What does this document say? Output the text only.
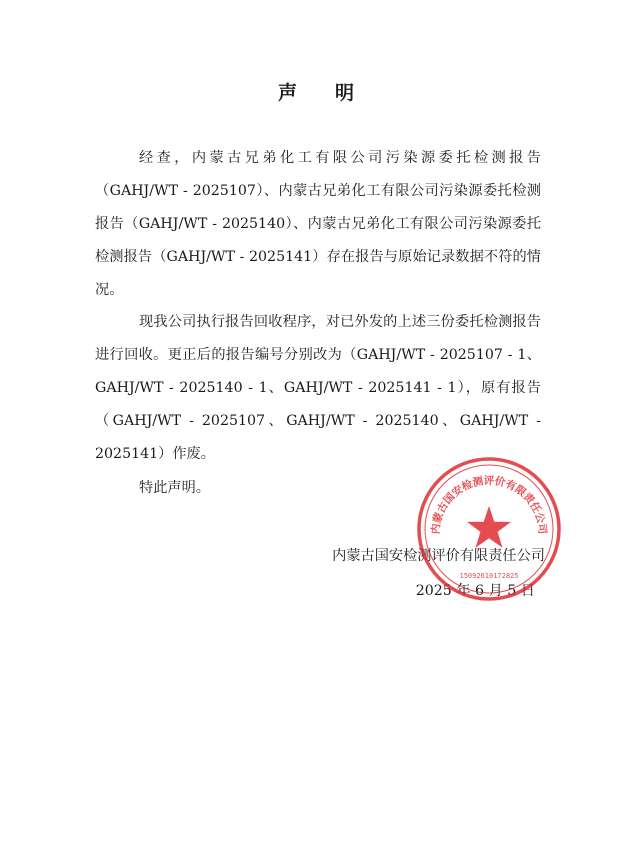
声 明
经查，内蒙古兄弟化工有限公司污染源委托检测报告（GAHJ/WT - 2025107）、内蒙古兄弟化工有限公司污染源委托检测报告（GAHJ/WT - 2025140）、内蒙古兄弟化工有限公司污染源委托检测报告（GAHJ/WT - 2025141）存在报告与原始记录数据不符的情况。
现我公司执行报告回收程序，对已外发的上述三份委托检测报告进行回收。更正后的报告编号分别改为（GAHJ/WT - 2025107 - 1、GAHJ/WT - 2025140 - 1、GAHJ/WT - 2025141 - 1），原有报告（GAHJ/WT - 2025107、GAHJ/WT - 2025140、GAHJ/WT - 2025141）作废。
特此声明。
内蒙古国安检测评价有限责任公司
2025 年 6 月 5 日
内蒙古国安检测评价有限责任公司
15092610172825
